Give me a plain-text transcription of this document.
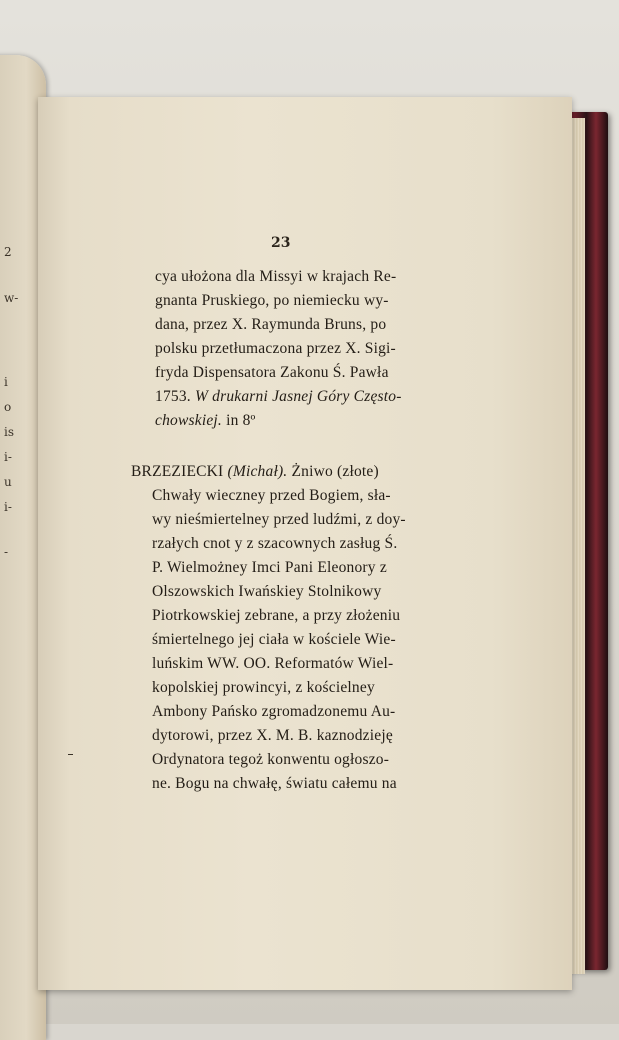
2

w-

i

o

is

i-

u

i-

-

23

cya ułożona dla Missyi w krajach Re-

gnanta Pruskiego, po niemiecku wy-

dana, przez X. Raymunda Bruns, po

polsku przetłumaczona przez X. Sigi-

fryda Dispensatora Zakonu Ś. Pawła

1753. W drukarni Jasnej Góry Często-

chowskiej. in 8º

BRZEZIECKI (Michał). Żniwo (złote)

Chwały wieczney przed Bogiem, sła-

wy nieśmiertelney przed ludźmi, z doy-

rzałych cnot y z szacownych zasług Ś.

P. Wielmożney Imci Pani Eleonory z

Olszowskich Iwańskiey Stolnikowy

Piotrkowskiej zebrane, a przy złożeniu

śmiertelnego jej ciała w kościele Wie-

luńskim WW. OO. Reformatów Wiel-

kopolskiej prowincyi, z kościelney

Ambony Pańsko zgromadzonemu Au-

dytorowi, przez X. M. B. kaznodzieję

Ordynatora tegoż konwentu ogłoszo-

ne. Bogu na chwałę, światu całemu na
